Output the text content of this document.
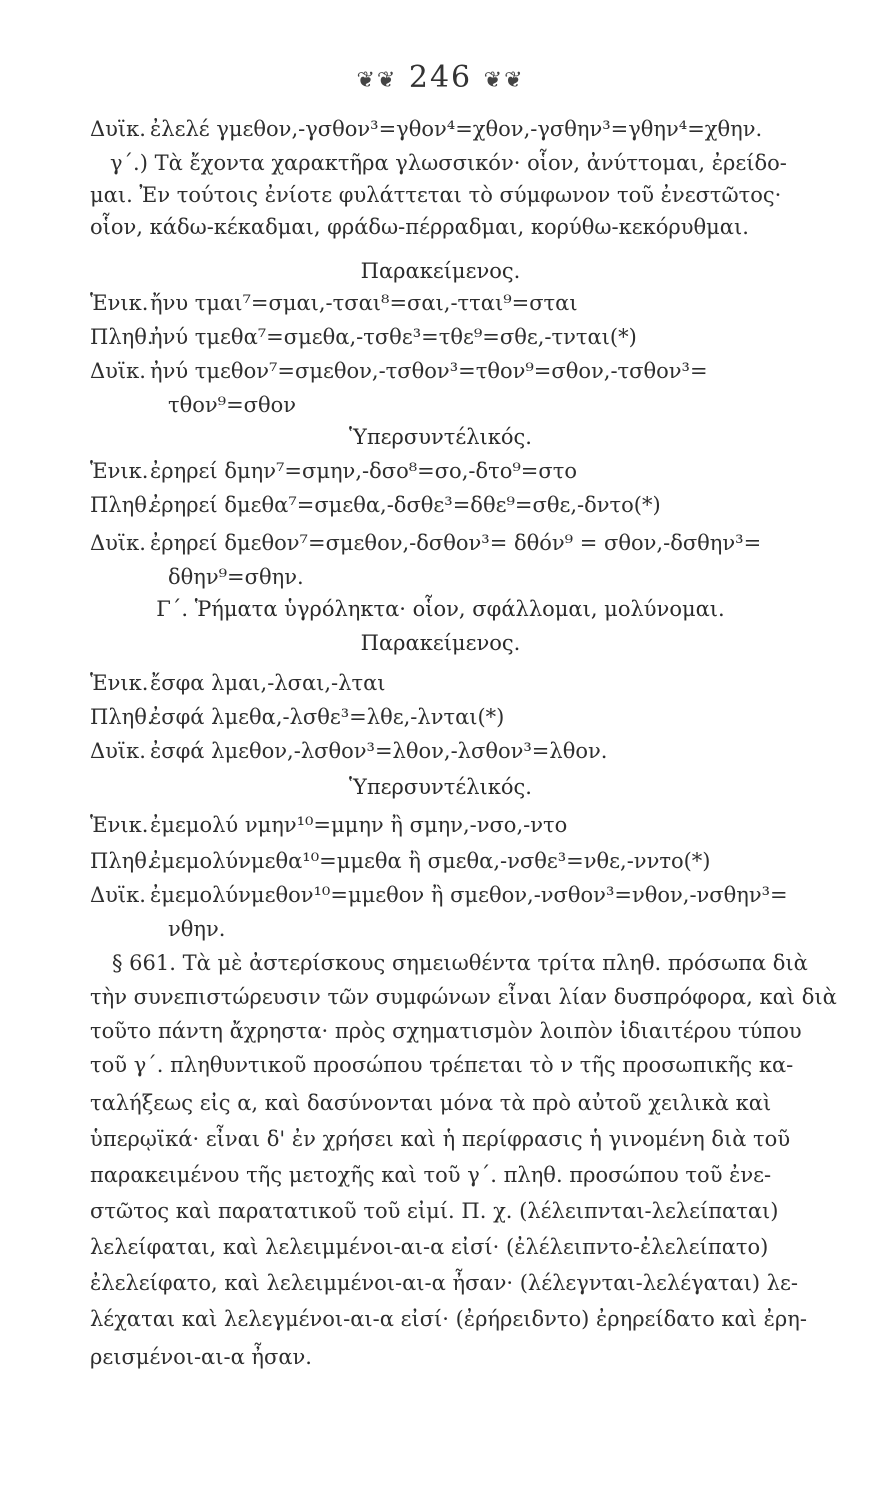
❦❦ 246 ❦❦
Δυϊκ. ἐλελέ γμεθον,-γσθον³=γθον⁴=χθον,-γσθην³=γθην⁴=χθην.
γ΄.) Τὰ ἔχοντα χαρακτῆρα γλωσσικόν· οἷον, ἀνύττομαι, ἐρείδο-
μαι. Ἐν τούτοις ἐνίοτε φυλάττεται τὸ σύμφωνον τοῦ ἐνεστῶτος·
οἷον, κάδω-κέκαδμαι, φράδω-πέρραδμαι, κορύθω-κεκόρυθμαι.
Παρακείμενος.
Ἑνικ.ἤνυ τμαι⁷=σμαι,-τσαι⁸=σαι,-τται⁹=σται
Πληθ.ἠνύ τμεθα⁷=σμεθα,-τσθε³=τθε⁹=σθε,-τνται(*)
Δυϊκ. ἠνύ τμεθον⁷=σμεθον,-τσθον³=τθον⁹=σθον,-τσθον³=
τθον⁹=σθον
Ὑπερσυντέλικός.
Ἑνικ.ἐρηρεί δμην⁷=σμην,-δσο⁸=σο,-δτο⁹=στο
Πληθ.ἐρηρεί δμεθα⁷=σμεθα,-δσθε³=δθε⁹=σθε,-δντο(*)
Δυϊκ. ἐρηρεί δμεθον⁷=σμεθον,-δσθον³= δθόν⁹ = σθον,-δσθην³=
δθην⁹=σθην.
Γ΄. Ῥήματα ὑγρόληκτα· οἷον, σφάλλομαι, μολύνομαι.
Παρακείμενος.
Ἑνικ.ἔσφα λμαι,-λσαι,-λται
Πληθ.ἐσφά λμεθα,-λσθε³=λθε,-λνται(*)
Δυϊκ. ἐσφά λμεθον,-λσθον³=λθον,-λσθον³=λθον.
Ὑπερσυντέλικός.
Ἑνικ.ἐμεμολύ νμην¹⁰=μμην ἢ σμην,-νσο,-ντο
Πληθ.ἐμεμολύνμεθα¹⁰=μμεθα ἢ σμεθα,-νσθε³=νθε,-ννто(*)
Δυϊκ. ἐμεμολύνμεθον¹⁰=μμεθον ἢ σμεθον,-νσθον³=νθον,-νσθην³=
νθην.
§ 661. Τὰ μὲ ἀστερίσκους σημειωθέντα τρίτα πληθ. πρόσωπα διὰ
τὴν συνεπιστώρευσιν τῶν συμφώνων εἶναι λίαν δυσπρόφορα, καὶ διὰ
τοῦτο πάντη ἄχρηστα· πρὸς σχηματισμὸν λοιπὸν ἰδιαιτέρου τύπου
τοῦ γ΄. πληθυντικοῦ προσώπου τρέπεται τὸ ν τῆς προσωπικῆς κα-
ταλήξεως εἰς α, καὶ δασύνονται μόνα τὰ πρὸ αὐτοῦ χειλικὰ καὶ
ὑπερῳϊκά· εἶναι δ' ἐν χρήσει καὶ ἡ περίφρασις ἡ γινομένη διὰ τοῦ
παρακειμένου τῆς μετοχῆς καὶ τοῦ γ΄. πληθ. προσώπου τοῦ ἐνε-
στῶτος καὶ παρατατικοῦ τοῦ εἰμί. Π. χ. (λέλειπνται-λελείπαται)
λελείφαται, καὶ λελειμμένοι-αι-α εἰσί· (ἐλέλειπντο-ἐλελείπατο)
ἐλελείφατο, καὶ λελειμμένοι-αι-α ἦσαν· (λέλεγνται-λελέγαται) λε-
λέχαται καὶ λελεγμένοι-αι-α εἰσί· (ἐρήρειδντο) ἐρηρείδατο καὶ ἐρη-
ρεισμένοι-αι-α ἦσαν.
